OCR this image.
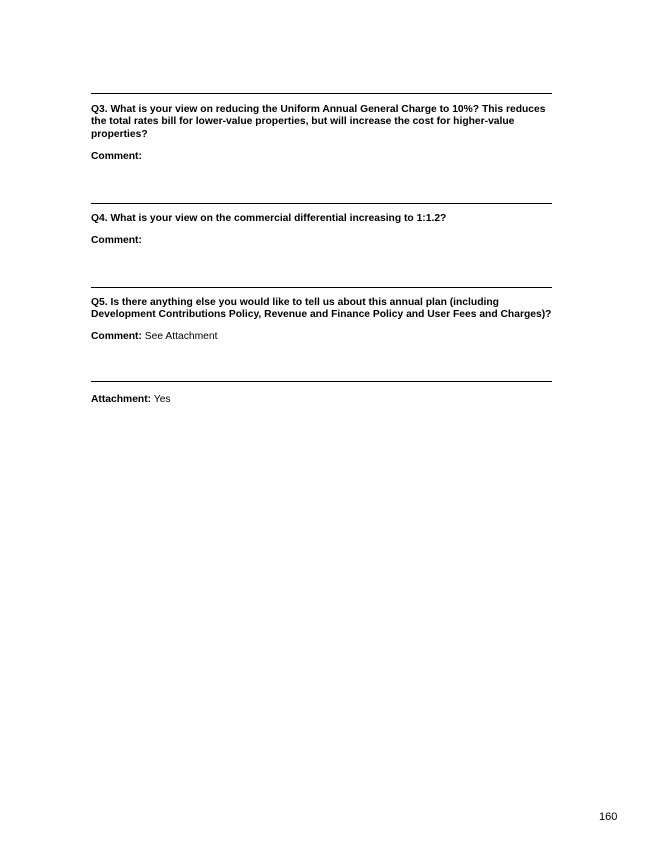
Q3. What is your view on reducing the Uniform Annual General Charge to 10%? This reduces the total rates bill for lower-value properties, but will increase the cost for higher-value properties?
Comment:
Q4. What is your view on the commercial differential increasing to 1:1.2?
Comment:
Q5. Is there anything else you would like to tell us about this annual plan (including Development Contributions Policy, Revenue and Finance Policy and User Fees and Charges)?
Comment: See Attachment
Attachment: Yes
160
